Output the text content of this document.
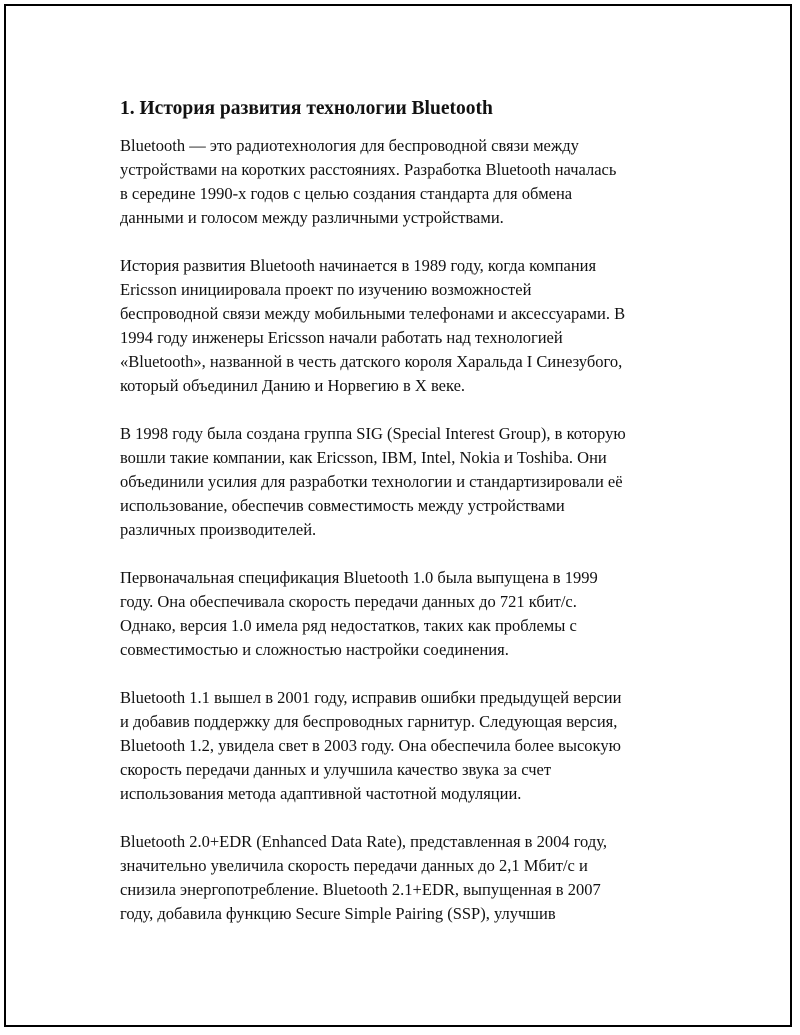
1. История развития технологии Bluetooth

Bluetooth — это радиотехнология для беспроводной связи между
устройствами на коротких расстояниях. Разработка Bluetooth началась
в середине 1990-х годов с целью создания стандарта для обмена
данными и голосом между различными устройствами.

История развития Bluetooth начинается в 1989 году, когда компания
Ericsson инициировала проект по изучению возможностей
беспроводной связи между мобильными телефонами и аксессуарами. В
1994 году инженеры Ericsson начали работать над технологией
«Bluetooth», названной в честь датского короля Харальда I Синезубого,
который объединил Данию и Норвегию в X веке.

В 1998 году была создана группа SIG (Special Interest Group), в которую
вошли такие компании, как Ericsson, IBM, Intel, Nokia и Toshiba. Они
объединили усилия для разработки технологии и стандартизировали её
использование, обеспечив совместимость между устройствами
различных производителей.

Первоначальная спецификация Bluetooth 1.0 была выпущена в 1999
году. Она обеспечивала скорость передачи данных до 721 кбит/с.
Однако, версия 1.0 имела ряд недостатков, таких как проблемы с
совместимостью и сложностью настройки соединения.

Bluetooth 1.1 вышел в 2001 году, исправив ошибки предыдущей версии
и добавив поддержку для беспроводных гарнитур. Следующая версия,
Bluetooth 1.2, увидела свет в 2003 году. Она обеспечила более высокую
скорость передачи данных и улучшила качество звука за счет
использования метода адаптивной частотной модуляции.

Bluetooth 2.0+EDR (Enhanced Data Rate), представленная в 2004 году,
значительно увеличила скорость передачи данных до 2,1 Мбит/с и
снизила энергопотребление. Bluetooth 2.1+EDR, выпущенная в 2007
году, добавила функцию Secure Simple Pairing (SSP), улучшив
